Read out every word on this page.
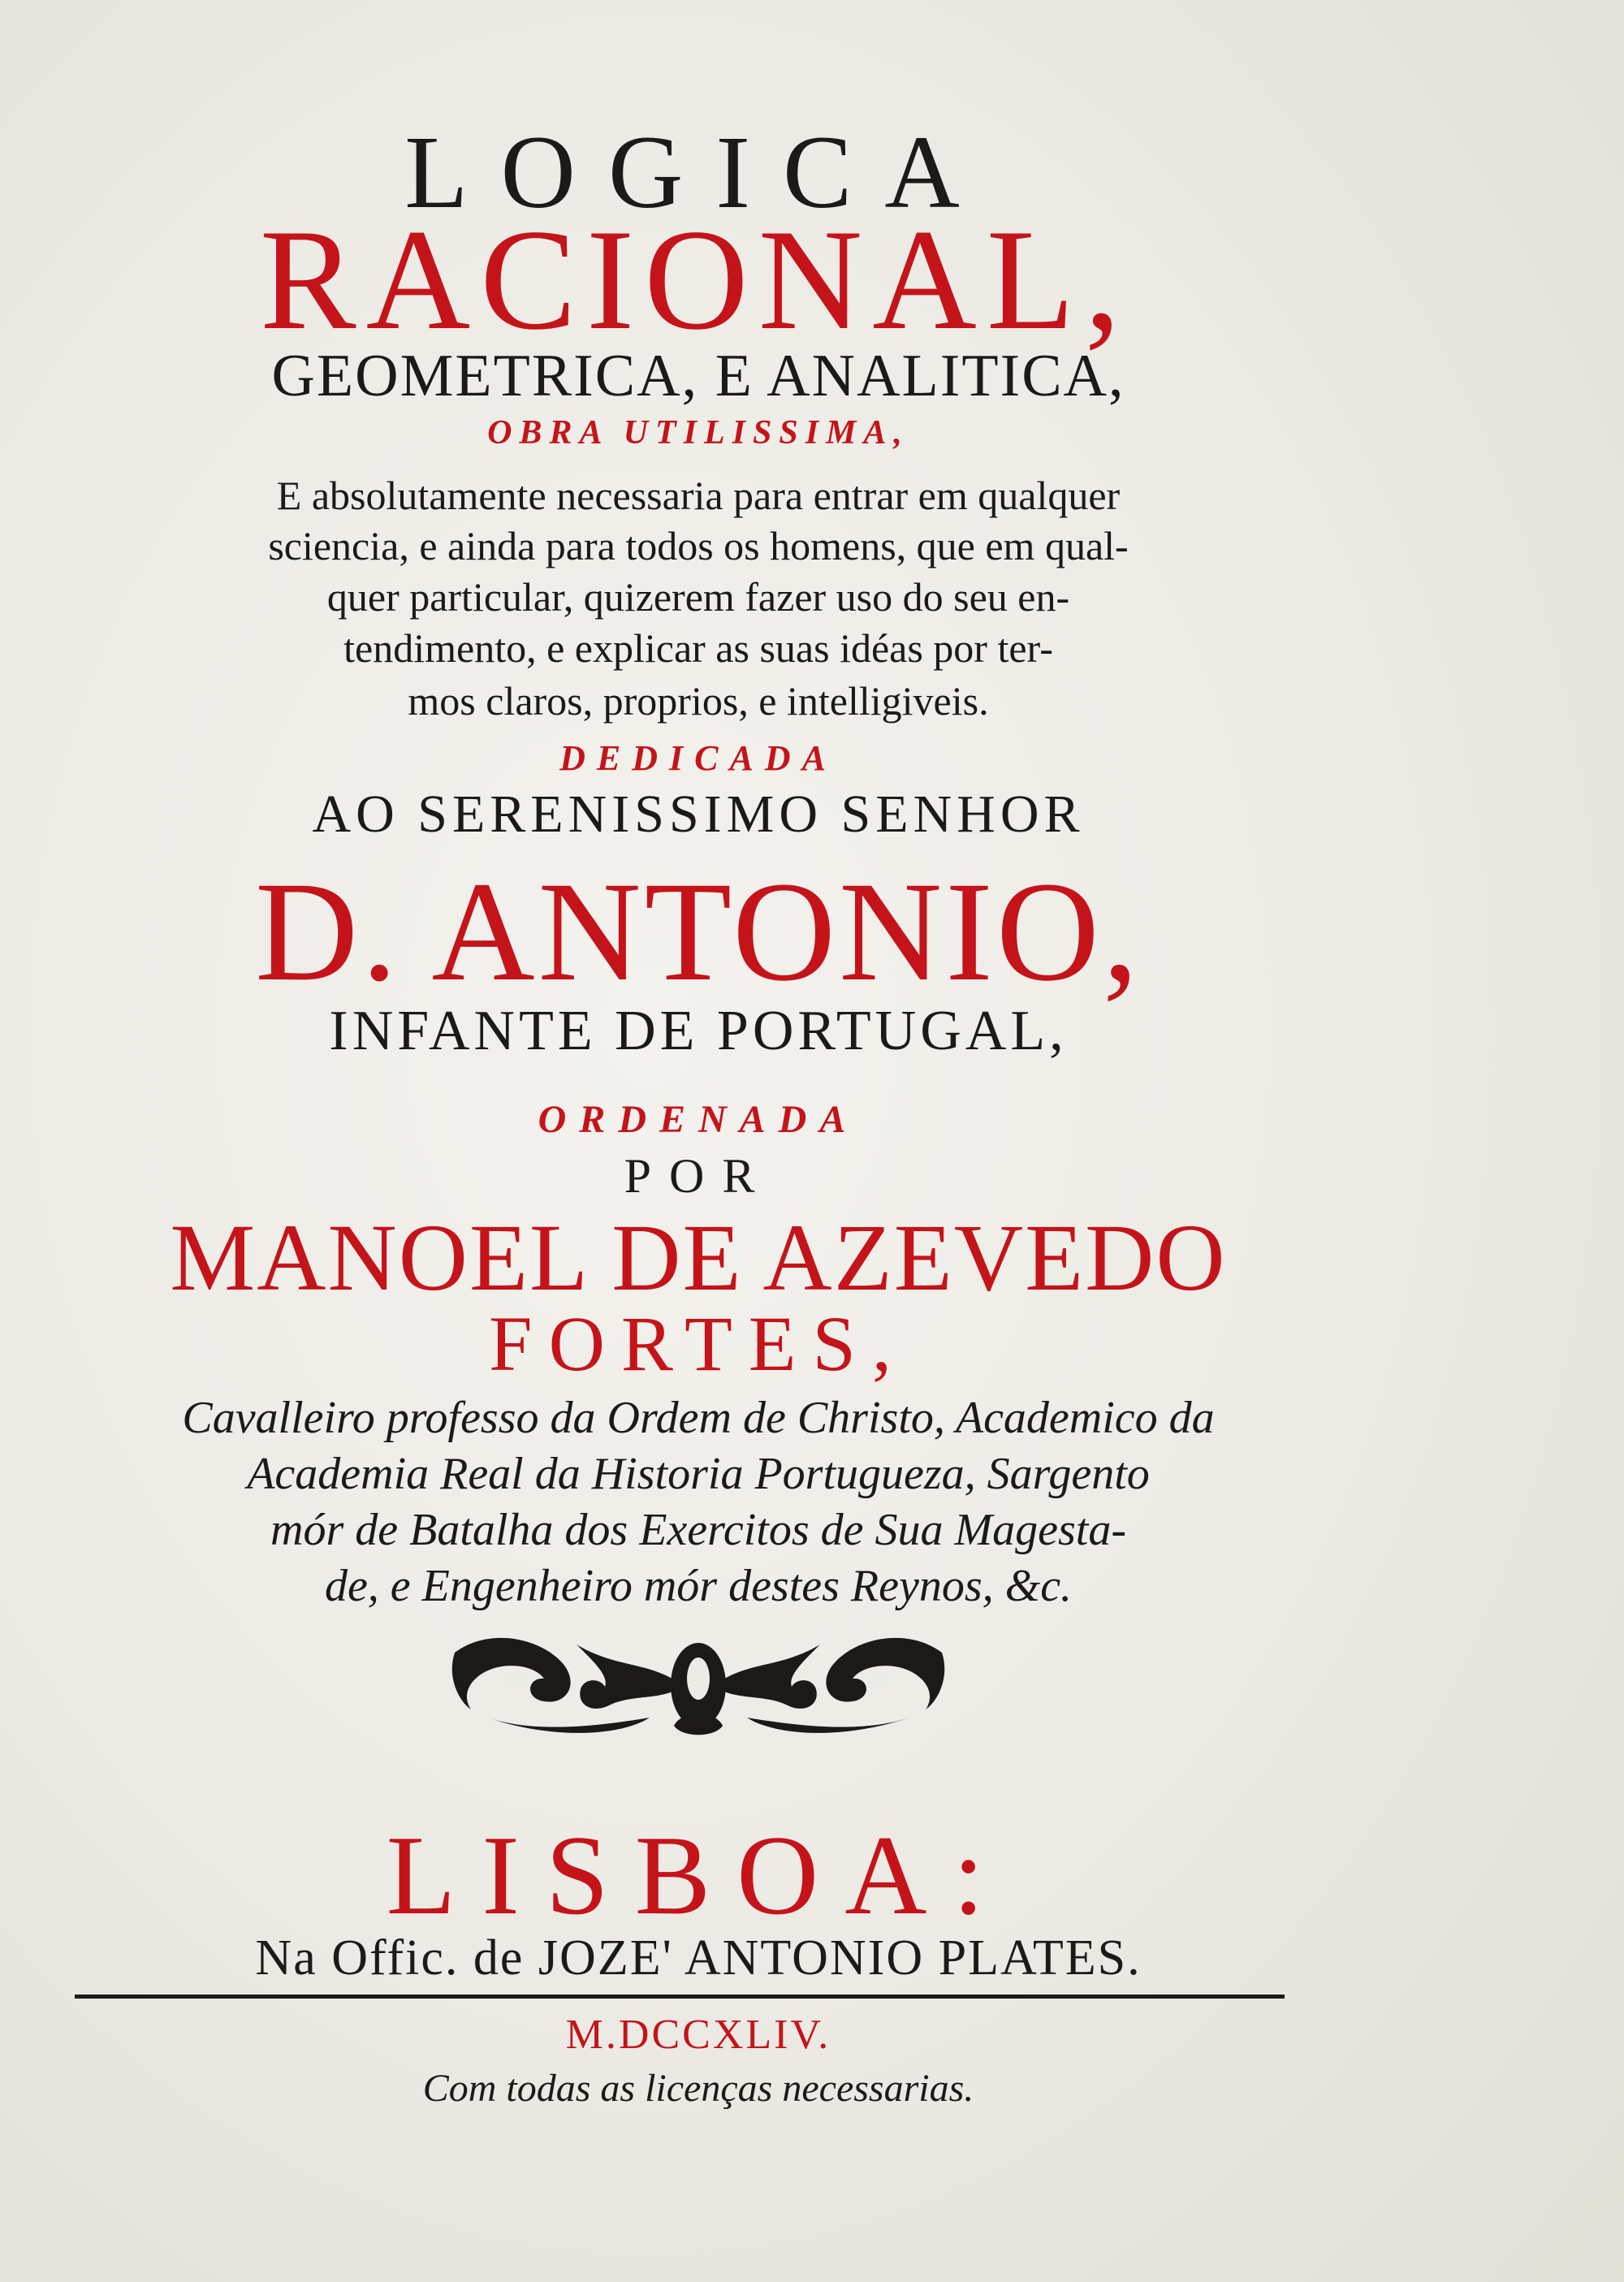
LOGICA
RACIONAL,
GEOMETRICA, E ANALITICA,
OBRA UTILISSIMA,
E absolutamente necessaria para entrar em qualquer
sciencia, e ainda para todos os homens, que em qual-
quer particular, quizerem fazer uso do seu en-
tendimento, e explicar as suas idéas por ter-
mos claros, proprios, e intelligiveis.
DEDICADA
AO SERENISSIMO SENHOR
D. ANTONIO,
INFANTE DE PORTUGAL,
ORDENADA
POR
MANOEL DE AZEVEDO
FORTES,
Cavalleiro professo da Ordem de Christo, Academico da
Academia Real da Historia Portugueza, Sargento
mór de Batalha dos Exercitos de Sua Magesta-
de, e Engenheiro mór destes Reynos, &c.
LISBOA:
Na Offic. de JOZE' ANTONIO PLATES.
M.DCCXLIV.
Com todas as licenças necessarias.
